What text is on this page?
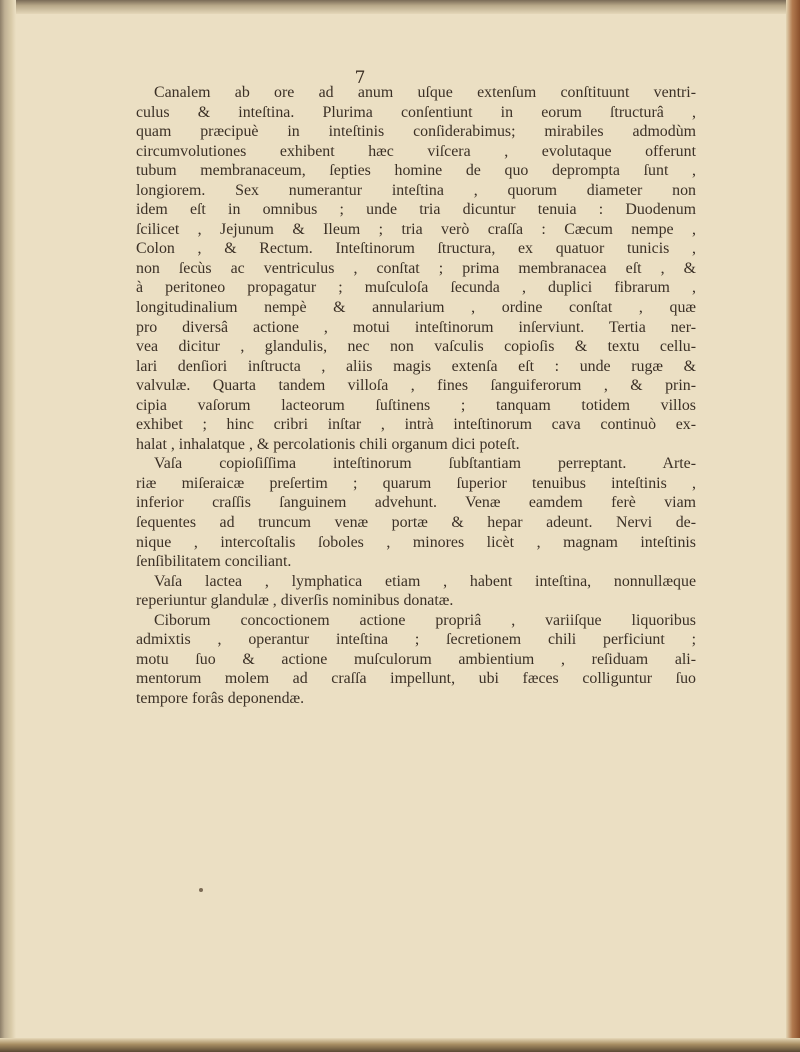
7
Canalem ab ore ad anum uſque extenſum conſtituunt ventri-
culus & inteſtina. Plurima conſentiunt in eorum ſtructurâ ,
quam præcipuè in inteſtinis conſiderabimus; mirabiles admodùm
circumvolutiones exhibent hæc viſcera , evolutaque offerunt
tubum membranaceum, ſepties homine de quo deprompta ſunt ,
longiorem. Sex numerantur inteſtina , quorum diameter non
idem eſt in omnibus ; unde tria dicuntur tenuia : Duodenum
ſcilicet , Jejunum & Ileum ; tria verò craſſa : Cæcum nempe ,
Colon , & Rectum. Inteſtinorum ſtructura, ex quatuor tunicis ,
non ſecùs ac ventriculus , conſtat ; prima membranacea eſt , &
à peritoneo propagatur ; muſculoſa ſecunda , duplici fibrarum ,
longitudinalium nempè & annularium , ordine conſtat , quæ
pro diversâ actione , motui inteſtinorum inſerviunt. Tertia ner-
vea dicitur , glandulis, nec non vaſculis copioſis & textu cellu-
lari denſiori inſtructa , aliis magis extenſa eſt : unde rugæ &
valvulæ. Quarta tandem villoſa , fines ſanguiferorum , & prin-
cipia vaſorum lacteorum ſuſtinens ; tanquam totidem villos
exhibet ; hinc cribri inſtar , intrà inteſtinorum cava continuò ex-
halat , inhalatque , & percolationis chili organum dici poteſt.
Vaſa copioſiſſima inteſtinorum ſubſtantiam perreptant. Arte-
riæ miſeraicæ preſertim ; quarum ſuperior tenuibus inteſtinis ,
inferior craſſis ſanguinem advehunt. Venæ eamdem ferè viam
ſequentes ad truncum venæ portæ & hepar adeunt. Nervi de-
nique , intercoſtalis ſoboles , minores licèt , magnam inteſtinis
ſenſibilitatem conciliant.
Vaſa lactea , lymphatica etiam , habent inteſtina, nonnullæque
reperiuntur glandulæ , diverſis nominibus donatæ.
Ciborum concoctionem actione propriâ , variiſque liquoribus
admixtis , operantur inteſtina ; ſecretionem chili perficiunt ;
motu ſuo & actione muſculorum ambientium , reſiduam ali-
mentorum molem ad craſſa impellunt, ubi fæces colliguntur ſuo
tempore forâs deponendæ.
